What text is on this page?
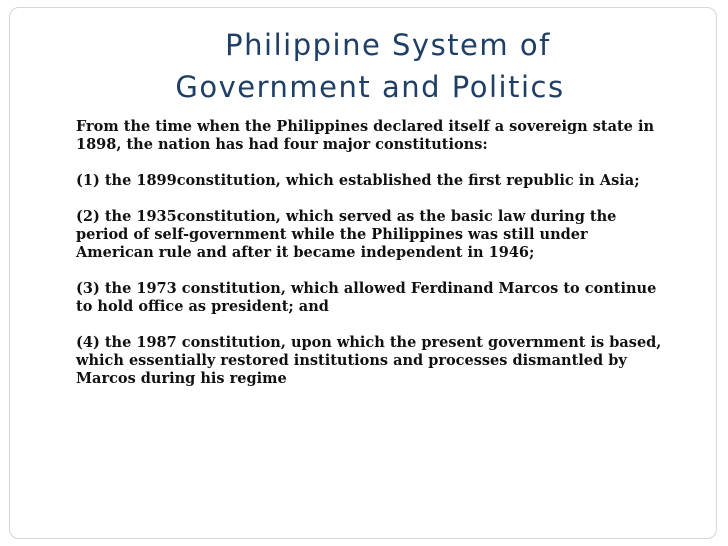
Philippine System of
Government and Politics

From the time when the Philippines declared itself a sovereign state in 1898, the nation has had four major constitutions:

(1) the 1899constitution, which established the first republic in Asia;

(2) the 1935constitution, which served as the basic law during the period of self-government while the Philippines was still under American rule and after it became independent in 1946;

(3) the 1973 constitution, which allowed Ferdinand Marcos to continue to hold office as president; and

(4) the 1987 constitution, upon which the present government is based, which essentially restored institutions and processes dismantled by Marcos during his regime
